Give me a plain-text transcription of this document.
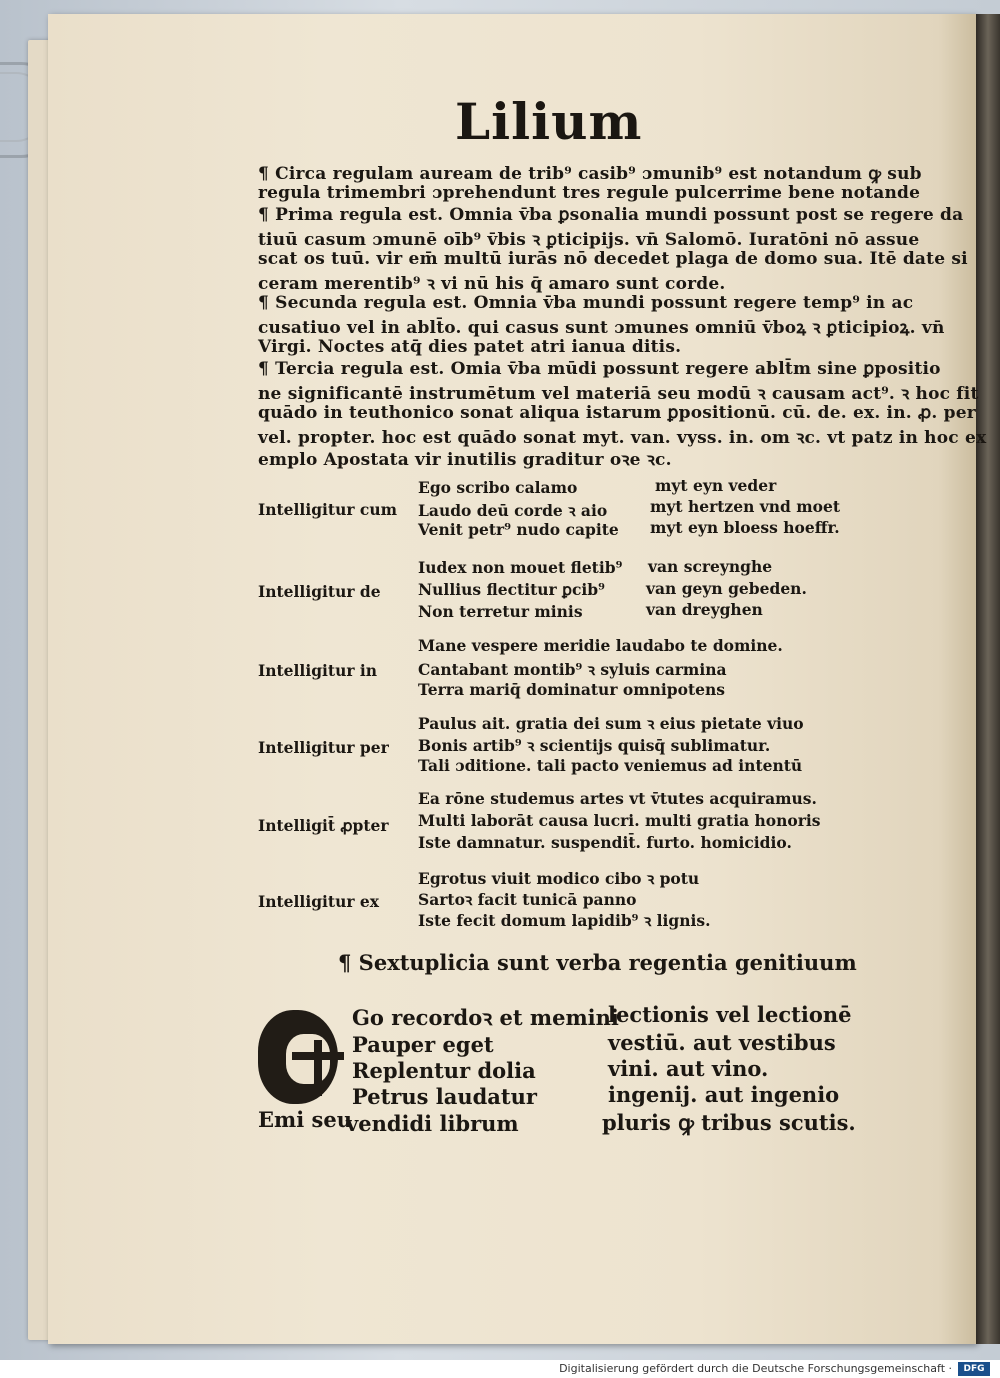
Lilium
¶ Circa regulam auream de trib⁹ casib⁹ ɔmunib⁹ est notandum ꝙ sub
regula trimembri ɔprehendunt tres regule pulcerrime bene notande
¶ Prima regula est. Omnia v̄ba ꝑsonalia mundi possunt post se regere da
tiuū casum ɔmunē oīb⁹ v̄bis ꝛ ꝑticipijs. vn̄ Salomō. Iuratōni nō assue
scat os tuū. vir em̄ multū iurās nō decedet plaga de domo sua. Itē date si
ceram merentib⁹ ꝛ vi nū his q̄ amaro sunt corde.
¶ Secunda regula est. Omnia v̄ba mundi possunt regere temp⁹ in ac
cusatiuo vel in ablt̄o. qui casus sunt ɔmunes omniū v̄boꝝ ꝛ ꝑticipioꝝ. vn̄
Virgi. Noctes atq̄ dies patet atri ianua ditis.
¶ Tercia regula est. Omia v̄ba mūdi possunt regere ablt̄m sine ꝑpositio
ne significantē instrumētum vel materiā seu modū ꝛ causam act⁹. ꝛ hoc fit
quādo in teuthonico sonat aliqua istarum ꝑpositionū. cū. de. ex. in. ꝓ. per
vel. propter. hoc est quādo sonat myt. van. vyss. in. om ꝛc. vt patz in hoc ex
emplo Apostata vir inutilis graditur oꝛe ꝛc.
Intelligitur cum
Ego scribo calamo
Laudo deū corde ꝛ aio
Venit petr⁹ nudo capite
myt eyn veder
myt hertzen vnd moet
myt eyn bloess hoeffr.
Intelligitur de
Iudex non mouet fletib⁹
Nullius flectitur ꝑcib⁹
Non terretur minis
van screynghe
van geyn gebeden.
van dreyghen
Intelligitur in
Mane vespere meridie laudabo te domine.
Cantabant montib⁹ ꝛ syluis carmina
Terra mariq̄ dominatur omnipotens
Intelligitur per
Paulus ait. gratia dei sum ꝛ eius pietate viuo
Bonis artib⁹ ꝛ scientijs quisq̄ sublimatur.
Tali ɔditione. tali pacto veniemus ad intentū
Intelligit̄ ꝓpter
Ea rōne studemus artes vt v̄tutes acquiramus.
Multi laborāt causa lucri. multi gratia honoris
Iste damnatur. suspendit̄. furto. homicidio.
Intelligitur ex
Egrotus viuit modico cibo ꝛ potu
Sartoꝛ facit tunicā panno
Iste fecit domum lapidib⁹ ꝛ lignis.
¶ Sextuplicia sunt verba regentia genitiuum
Go recordoꝛ et memini
Pauper eget
Replentur dolia
Petrus laudatur
vendidi librum
Emi seu
lectionis vel lectionē
vestiū. aut vestibus
vini. aut vino.
ingenij. aut ingenio
pluris ꝙ tribus scutis.
Digitalisierung gefördert durch die Deutsche Forschungsgemeinschaft ·	DFG
